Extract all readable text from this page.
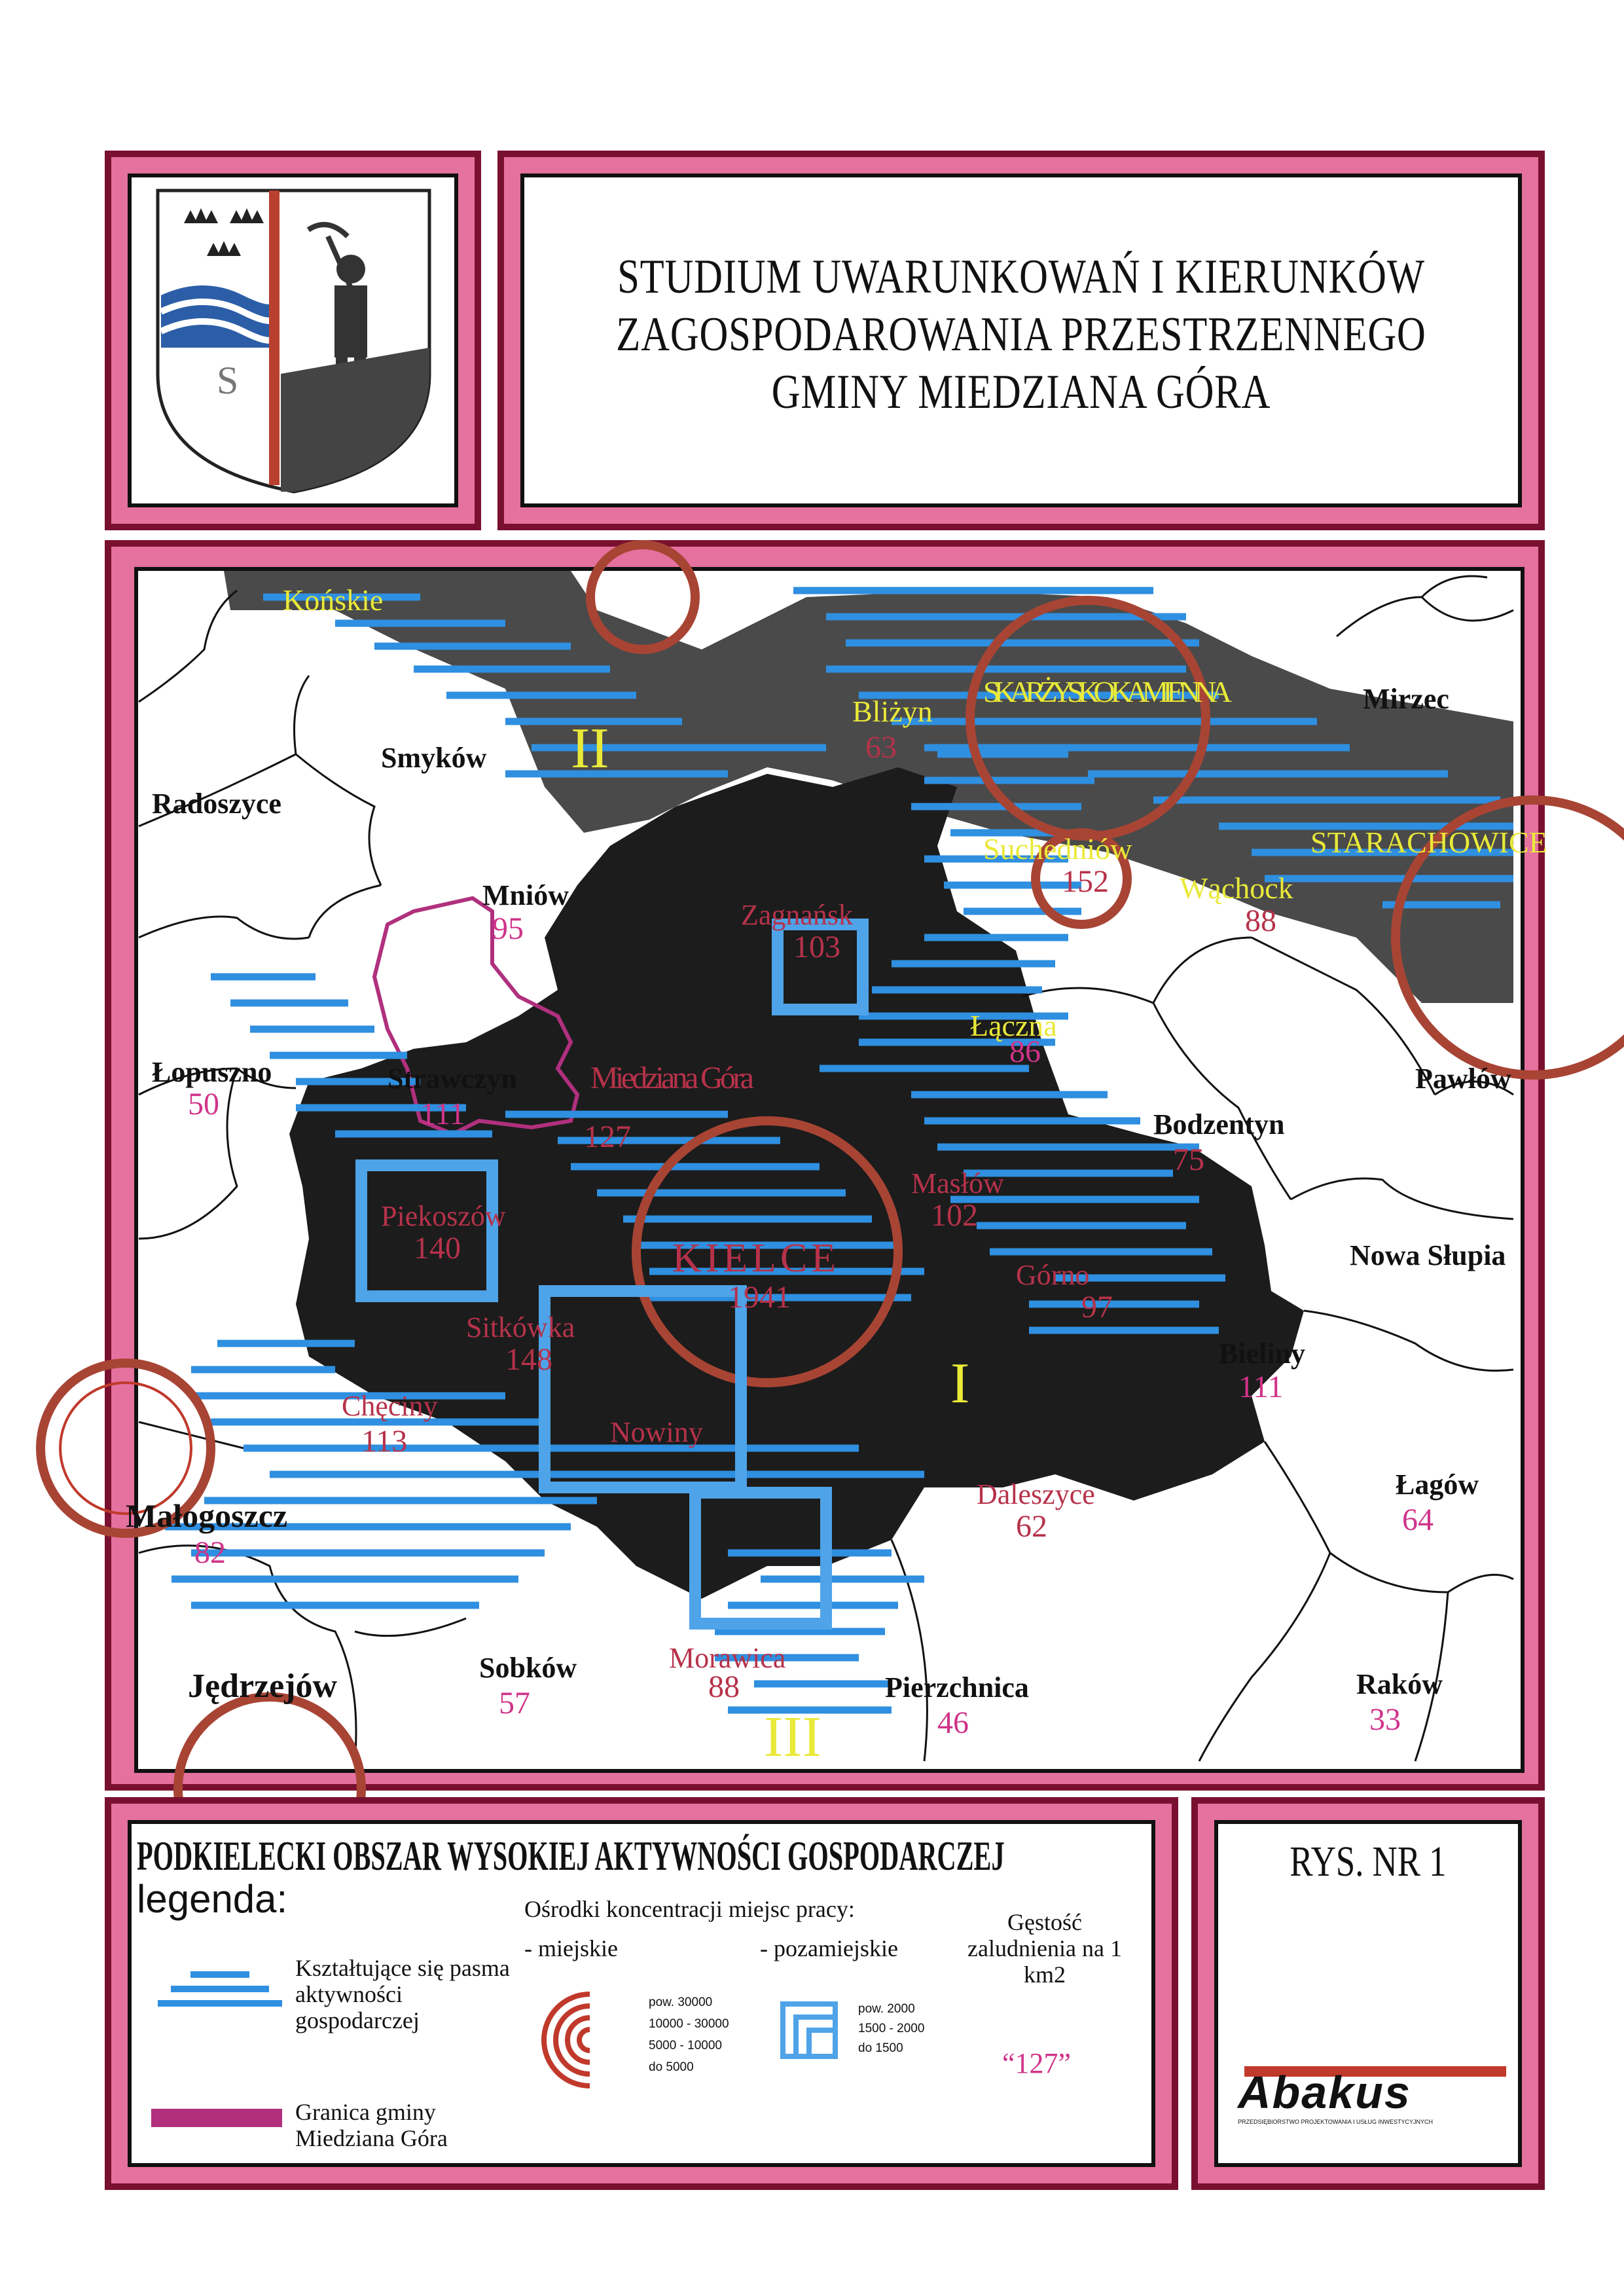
S
STUDIUM UWARUNKOWAŃ I KIERUNKÓW
ZAGOSPODAROWANIA PRZESTRZENNEGO
GMINY MIEDZIANA GÓRA
Końskie
Smyków
Radoszyce
Bliżyn
63
SKARŻYSKO KAMIENNA	Mirzec
Mniów
95	Zagnańsk
103
Suchedniów
152
STARACHOWICE
Wąchock
88
Łopuszno
50
Strawczyn
111
Miedziana Góra
127
Łączna
86
Pawłów
Bodzentyn
75
Masłów
102
Piekoszów
140	KIELCE
1941
Nowa Słupia
Górno
97
Sitkówka
148	Bieliny
111
Chęciny
113	Nowiny
Małogoszcz
82
Łagów
64
Daleszyce
62
Sobków
57
Morawica
88	Pierzchnica
46
Jędrzejów	Raków
33
I
II
III
PODKIELECKI OBSZAR WYSOKIEJ AKTYWNOŚCI GOSPODARCZEJ
legenda:
Kształtujące się pasma aktywności gospodarczej
Granica gminy Miedziana Góra
Ośrodki koncentracji miejsc pracy:
- miejskie	- pozamiejskie
pow. 30000
10000 - 30000
5000 - 10000
do 5000
pow. 2000
1500 - 2000
do 1500
Gęstość zaludnienia na 1 km2
“127”
RYS. NR 1
Abakus
PRZEDSIĘBIORSTWO PROJEKTOWANIA I USŁUG INWESTYCYJNYCH
